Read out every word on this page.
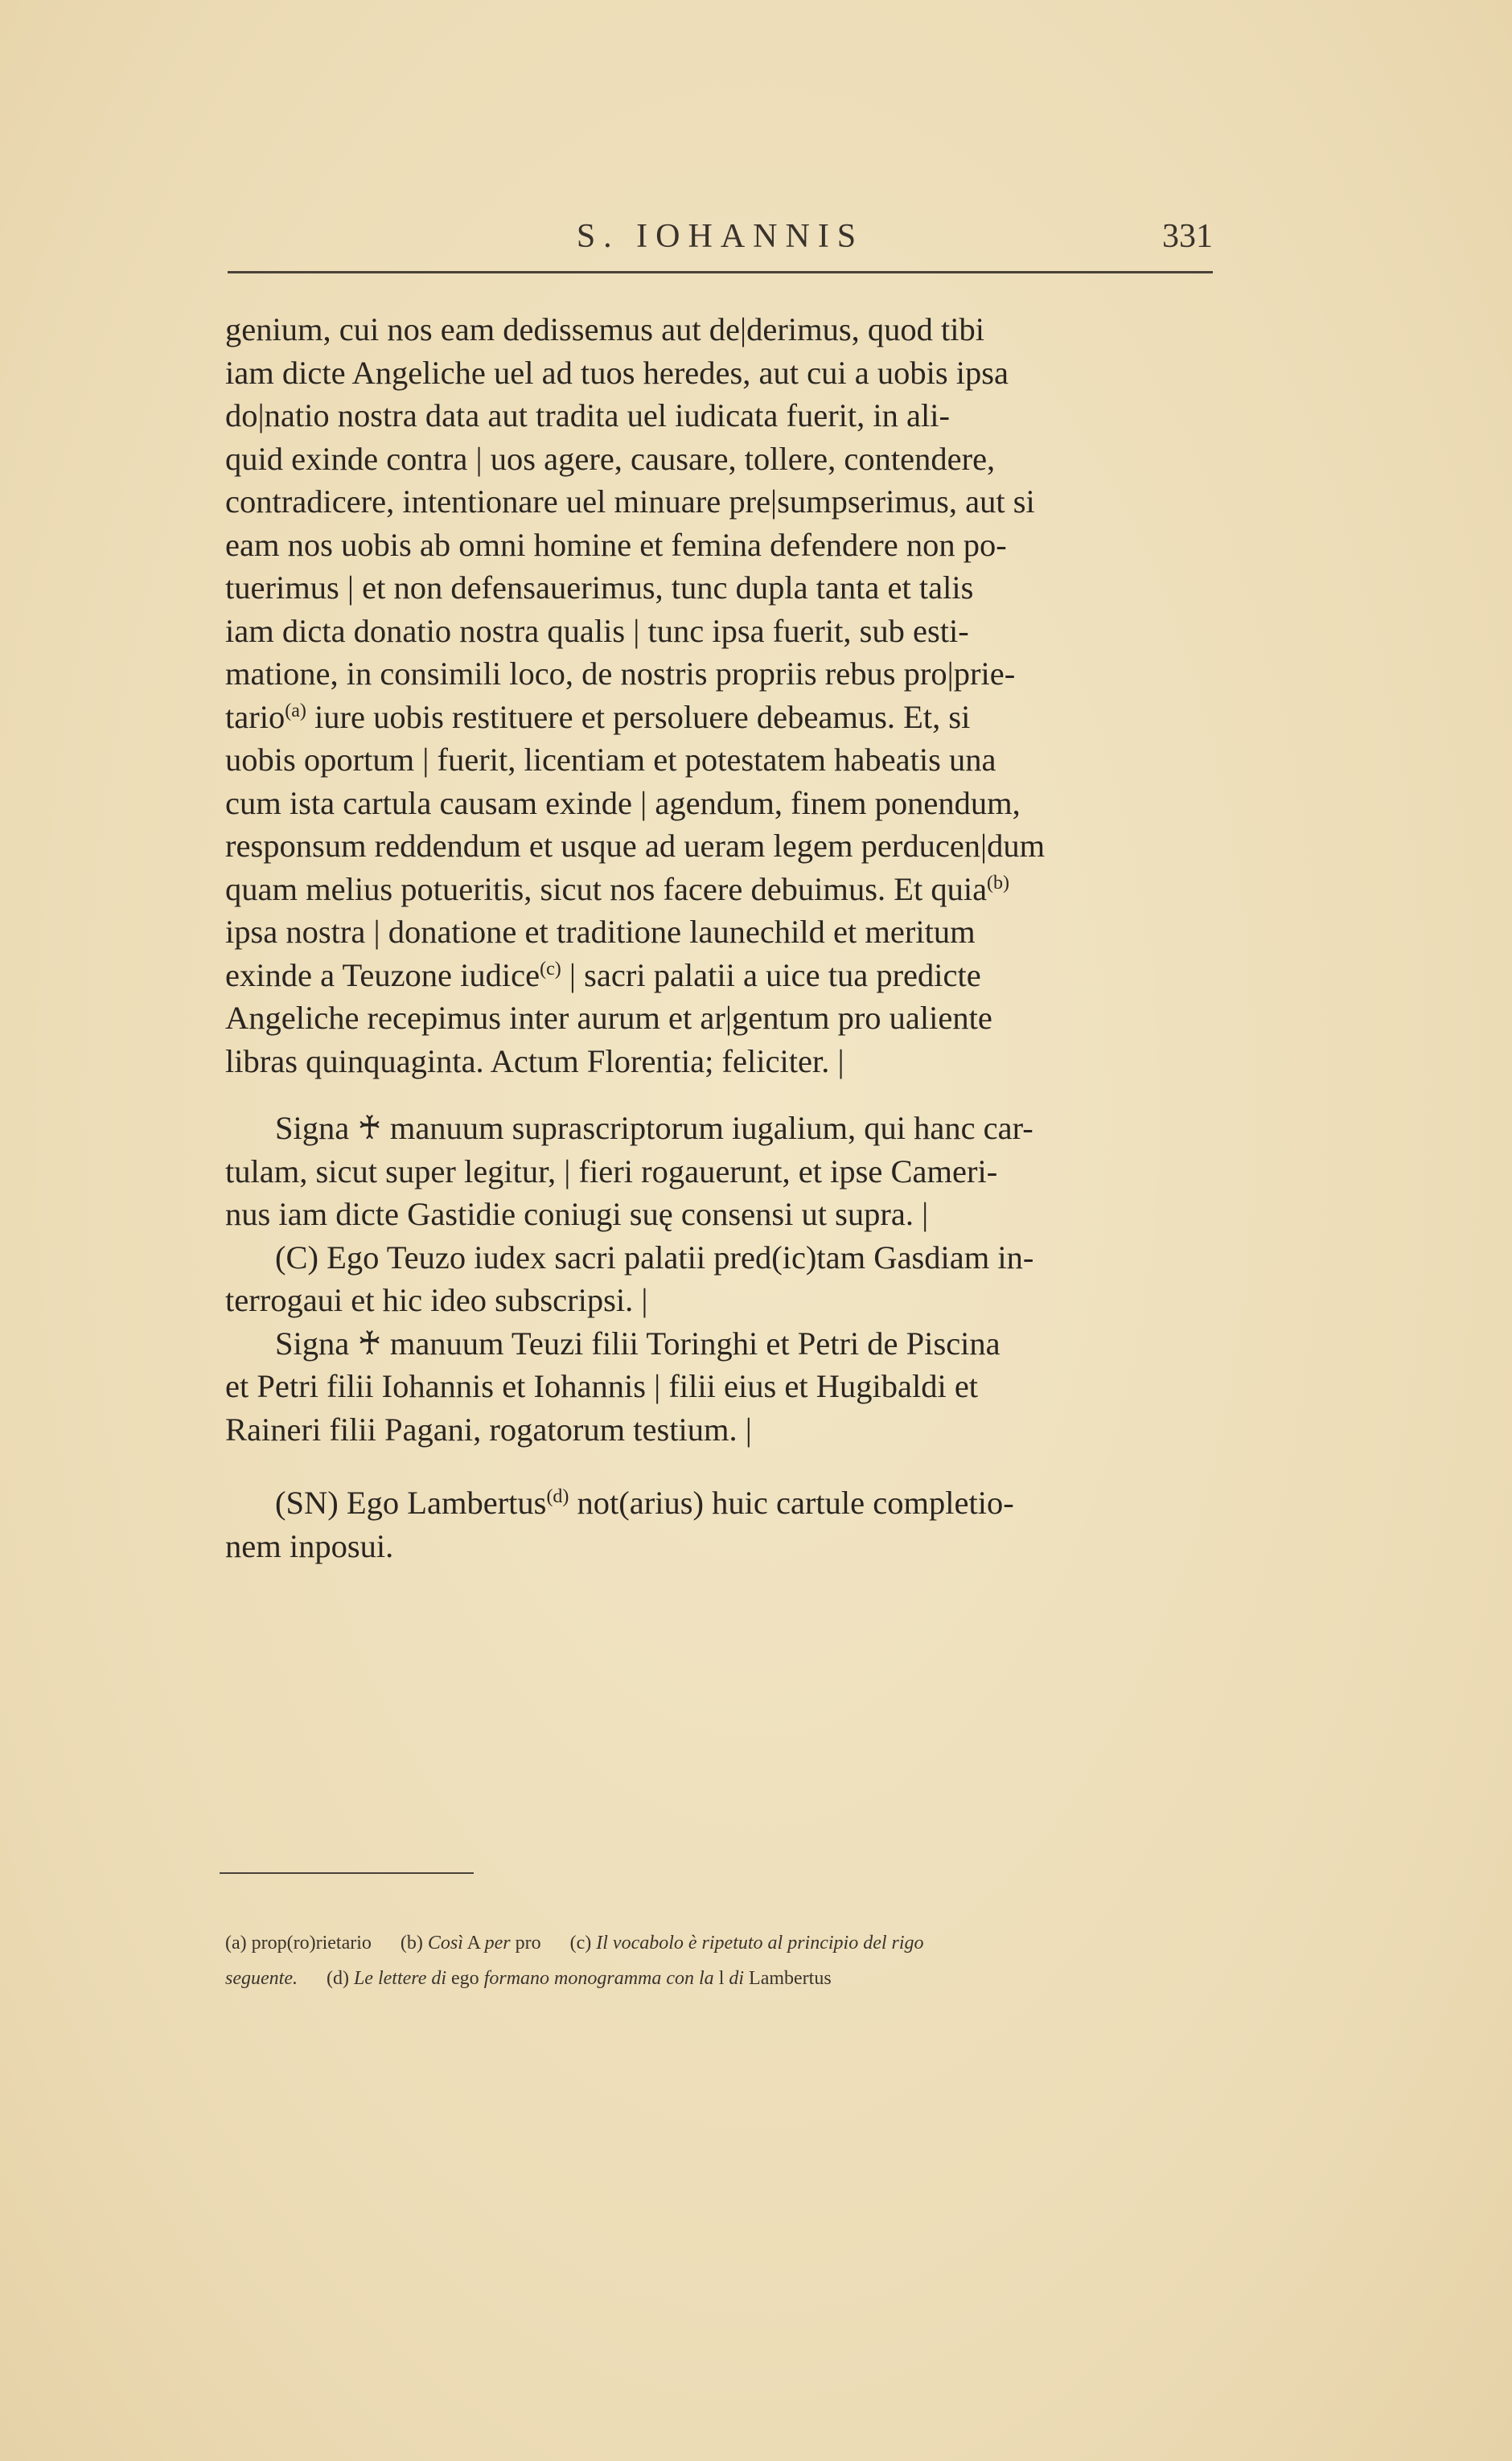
S. IOHANNIS	331
genium, cui nos eam dedissemus aut de|derimus, quod tibi
iam dicte Angeliche uel ad tuos heredes, aut cui a uobis ipsa
do|natio nostra data aut tradita uel iudicata fuerit, in ali-
quid exinde contra | uos agere, causare, tollere, contendere,
contradicere, intentionare uel minuare pre|sumpserimus, aut si
eam nos uobis ab omni homine et femina defendere non po-
tuerimus | et non defensauerimus, tunc dupla tanta et talis
iam dicta donatio nostra qualis | tunc ipsa fuerit, sub esti-
matione, in consimili loco, de nostris propriis rebus pro|prie-
tario$^{(a)}$ iure uobis restituere et persoluere debeamus. Et, si
uobis oportum | fuerit, licentiam et potestatem habeatis una
cum ista cartula causam exinde | agendum, finem ponendum,
responsum reddendum et usque ad ueram legem perducen|dum
quam melius potueritis, sicut nos facere debuimus. Et quia$^{(b)}$
ipsa nostra | donatione et traditione launechild et meritum
exinde a Teuzone iudice$^{(c)}$ | sacri palatii a uice tua predicte
Angeliche recepimus inter aurum et ar|gentum pro ualiente
libras quinquaginta. Actum Florentia; feliciter. |
Signa ♰ manuum suprascriptorum iugalium, qui hanc car-
tulam, sicut super legitur, | fieri rogauerunt, et ipse Cameri-
nus iam dicte Gastidie coniugi suę consensi ut supra. |
(C) Ego Teuzo iudex sacri palatii pred(ic)tam Gasdiam in-
terrogaui et hic ideo subscripsi. |
Signa ♰ manuum Teuzi filii Toringhi et Petri de Piscina
et Petri filii Iohannis et Iohannis | filii eius et Hugibaldi et
Raineri filii Pagani, rogatorum testium. |
(SN) Ego Lambertus$^{(d)}$ not(arius) huic cartule completio-
nem inposui.
(a) prop(ro)rietario (b) Così A per pro (c) Il vocabolo è ripetuto al principio del rigo
seguente. (d) Le lettere di ego formano monogramma con la l di Lambertus
